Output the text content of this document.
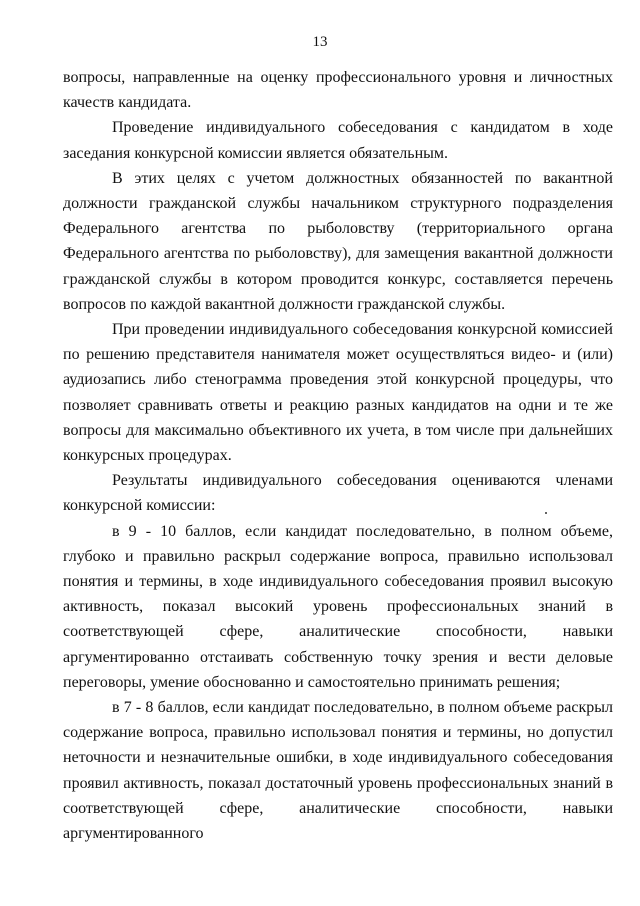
13

вопросы, направленные на оценку профессионального уровня и личностных качеств кандидата.

Проведение индивидуального собеседования с кандидатом в ходе заседания конкурсной комиссии является обязательным.

В этих целях с учетом должностных обязанностей по вакантной должности гражданской службы начальником структурного подразделения Федерального агентства по рыболовству (территориального органа Федерального агентства по рыболовству), для замещения вакантной должности гражданской службы в котором проводится конкурс, составляется перечень вопросов по каждой вакантной должности гражданской службы.

При проведении индивидуального собеседования конкурсной комиссией по решению представителя нанимателя может осуществляться видео- и (или) аудиозапись либо стенограмма проведения этой конкурсной процедуры, что позволяет сравнивать ответы и реакцию разных кандидатов на одни и те же вопросы для максимально объективного их учета, в том числе при дальнейших конкурсных процедурах.

Результаты индивидуального собеседования оцениваются членами конкурсной комиссии:

в 9 - 10 баллов, если кандидат последовательно, в полном объеме, глубоко и правильно раскрыл содержание вопроса, правильно использовал понятия и термины, в ходе индивидуального собеседования проявил высокую активность, показал высокий уровень профессиональных знаний в соответствующей сфере, аналитические способности, навыки аргументированно отстаивать собственную точку зрения и вести деловые переговоры, умение обоснованно и самостоятельно принимать решения;

в 7 - 8 баллов, если кандидат последовательно, в полном объеме раскрыл содержание вопроса, правильно использовал понятия и термины, но допустил неточности и незначительные ошибки, в ходе индивидуального собеседования проявил активность, показал достаточный уровень профессиональных знаний в соответствующей сфере, аналитические способности, навыки аргументированного
